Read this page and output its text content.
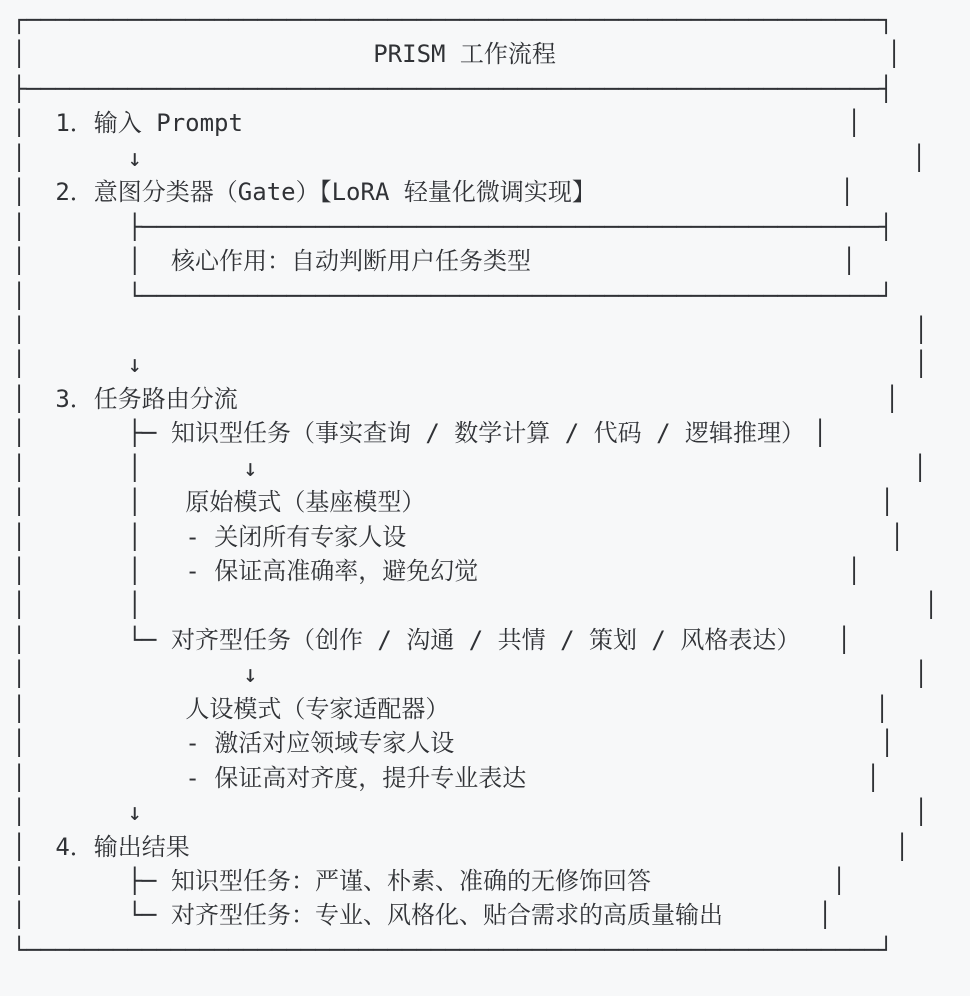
┌───────────────────────────────────────────────────────────┐
│                        PRISM 工作流程	│
├───────────────────────────────────────────────────────────┤
│  1．输入 Prompt	│
│       ↓	│
│  2．意图分类器（Gate）【LoRA 轻量化微调实现】	│
│       ├───────────────────────────────────────────────────┤
│       │  核心作用：自动判断用户任务类型	│
│       └───────────────────────────────────────────────────┘
│	│
│       ↓	│
│  3．任务路由分流	│
│       ├─ 知识型任务（事实查询 / 数学计算 / 代码 / 逻辑推理） │
│       │       ↓	│
│       │   原始模式（基座模型）	│
│       │   - 关闭所有专家人设	│
│       │   - 保证高准确率，避免幻觉	│
│       │	│
│       └─ 对齐型任务（创作 / 沟通 / 共情 / 策划 / 风格表达） │
│               ↓	│
│           人设模式（专家适配器）	│
│           - 激活对应领域专家人设	│
│           - 保证高对齐度，提升专业表达	│
│       ↓	│
│  4．输出结果	│
│       ├─ 知识型任务：严谨、朴素、准确的无修饰回答	│
│       └─ 对齐型任务：专业、风格化、贴合需求的高质量输出	│
└───────────────────────────────────────────────────────────┘
